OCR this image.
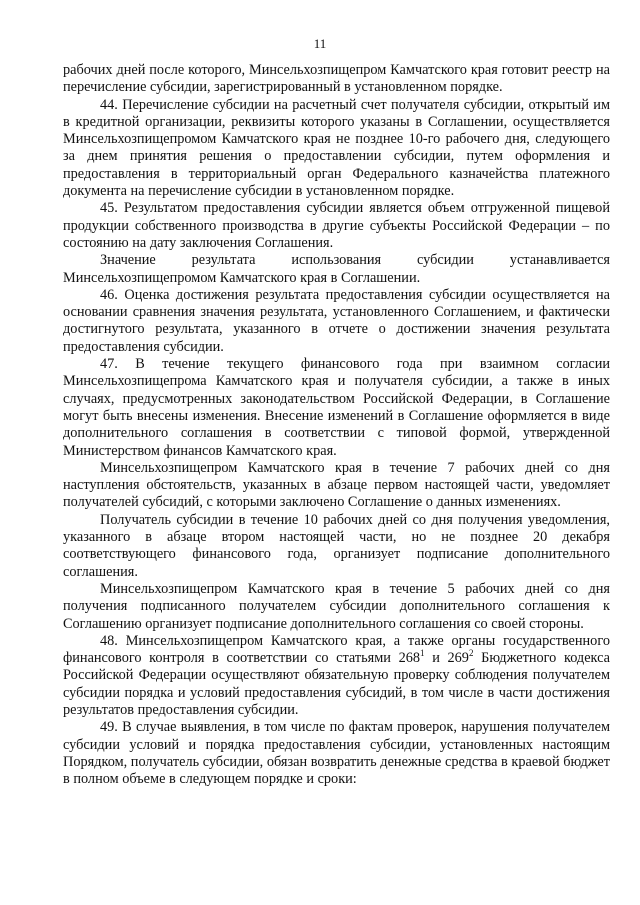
11

рабочих дней после которого, Минсельхозпищепром Камчатского края готовит реестр на перечисление субсидии, зарегистрированный в установленном порядке.

44. Перечисление субсидии на расчетный счет получателя субсидии, открытый им в кредитной организации, реквизиты которого указаны в Соглашении, осуществляется Минсельхозпищепромом Камчатского края не позднее 10-го рабочего дня, следующего за днем принятия решения о предоставлении субсидии, путем оформления и предоставления в территориальный орган Федерального казначейства платежного документа на перечисление субсидии в установленном порядке.

45. Результатом предоставления субсидии является объем отгруженной пищевой продукции собственного производства в другие субъекты Российской Федерации – по состоянию на дату заключения Соглашения.

Значение результата использования субсидии устанавливается Минсельхозпищепромом Камчатского края в Соглашении.

46. Оценка достижения результата предоставления субсидии осуществляется на основании сравнения значения результата, установленного Соглашением, и фактически достигнутого результата, указанного в отчете о достижении значения результата предоставления субсидии.

47. В течение текущего финансового года при взаимном согласии Минсельхозпищепрома Камчатского края и получателя субсидии, а также в иных случаях, предусмотренных законодательством Российской Федерации, в Соглашение могут быть внесены изменения. Внесение изменений в Соглашение оформляется в виде дополнительного соглашения в соответствии с типовой формой, утвержденной Министерством финансов Камчатского края.

Минсельхозпищепром Камчатского края в течение 7 рабочих дней со дня наступления обстоятельств, указанных в абзаце первом настоящей части, уведомляет получателей субсидий, с которыми заключено Соглашение о данных изменениях.

Получатель субсидии в течение 10 рабочих дней со дня получения уведомления, указанного в абзаце втором настоящей части, но не позднее 20 декабря соответствующего финансового года, организует подписание дополнительного соглашения.

Минсельхозпищепром Камчатского края в течение 5 рабочих дней со дня получения подписанного получателем субсидии дополнительного соглашения к Соглашению организует подписание дополнительного соглашения со своей стороны.

48. Минсельхозпищепром Камчатского края, а также органы государственного финансового контроля в соответствии со статьями $268^1$ и $269^2$ Бюджетного кодекса Российской Федерации осуществляют обязательную проверку соблюдения получателем субсидии порядка и условий предоставления субсидий, в том числе в части достижения результатов предоставления субсидии.

49. В случае выявления, в том числе по фактам проверок, нарушения получателем субсидии условий и порядка предоставления субсидии, установленных настоящим Порядком, получатель субсидии, обязан возвратить денежные средства в краевой бюджет в полном объеме в следующем порядке и сроки:
